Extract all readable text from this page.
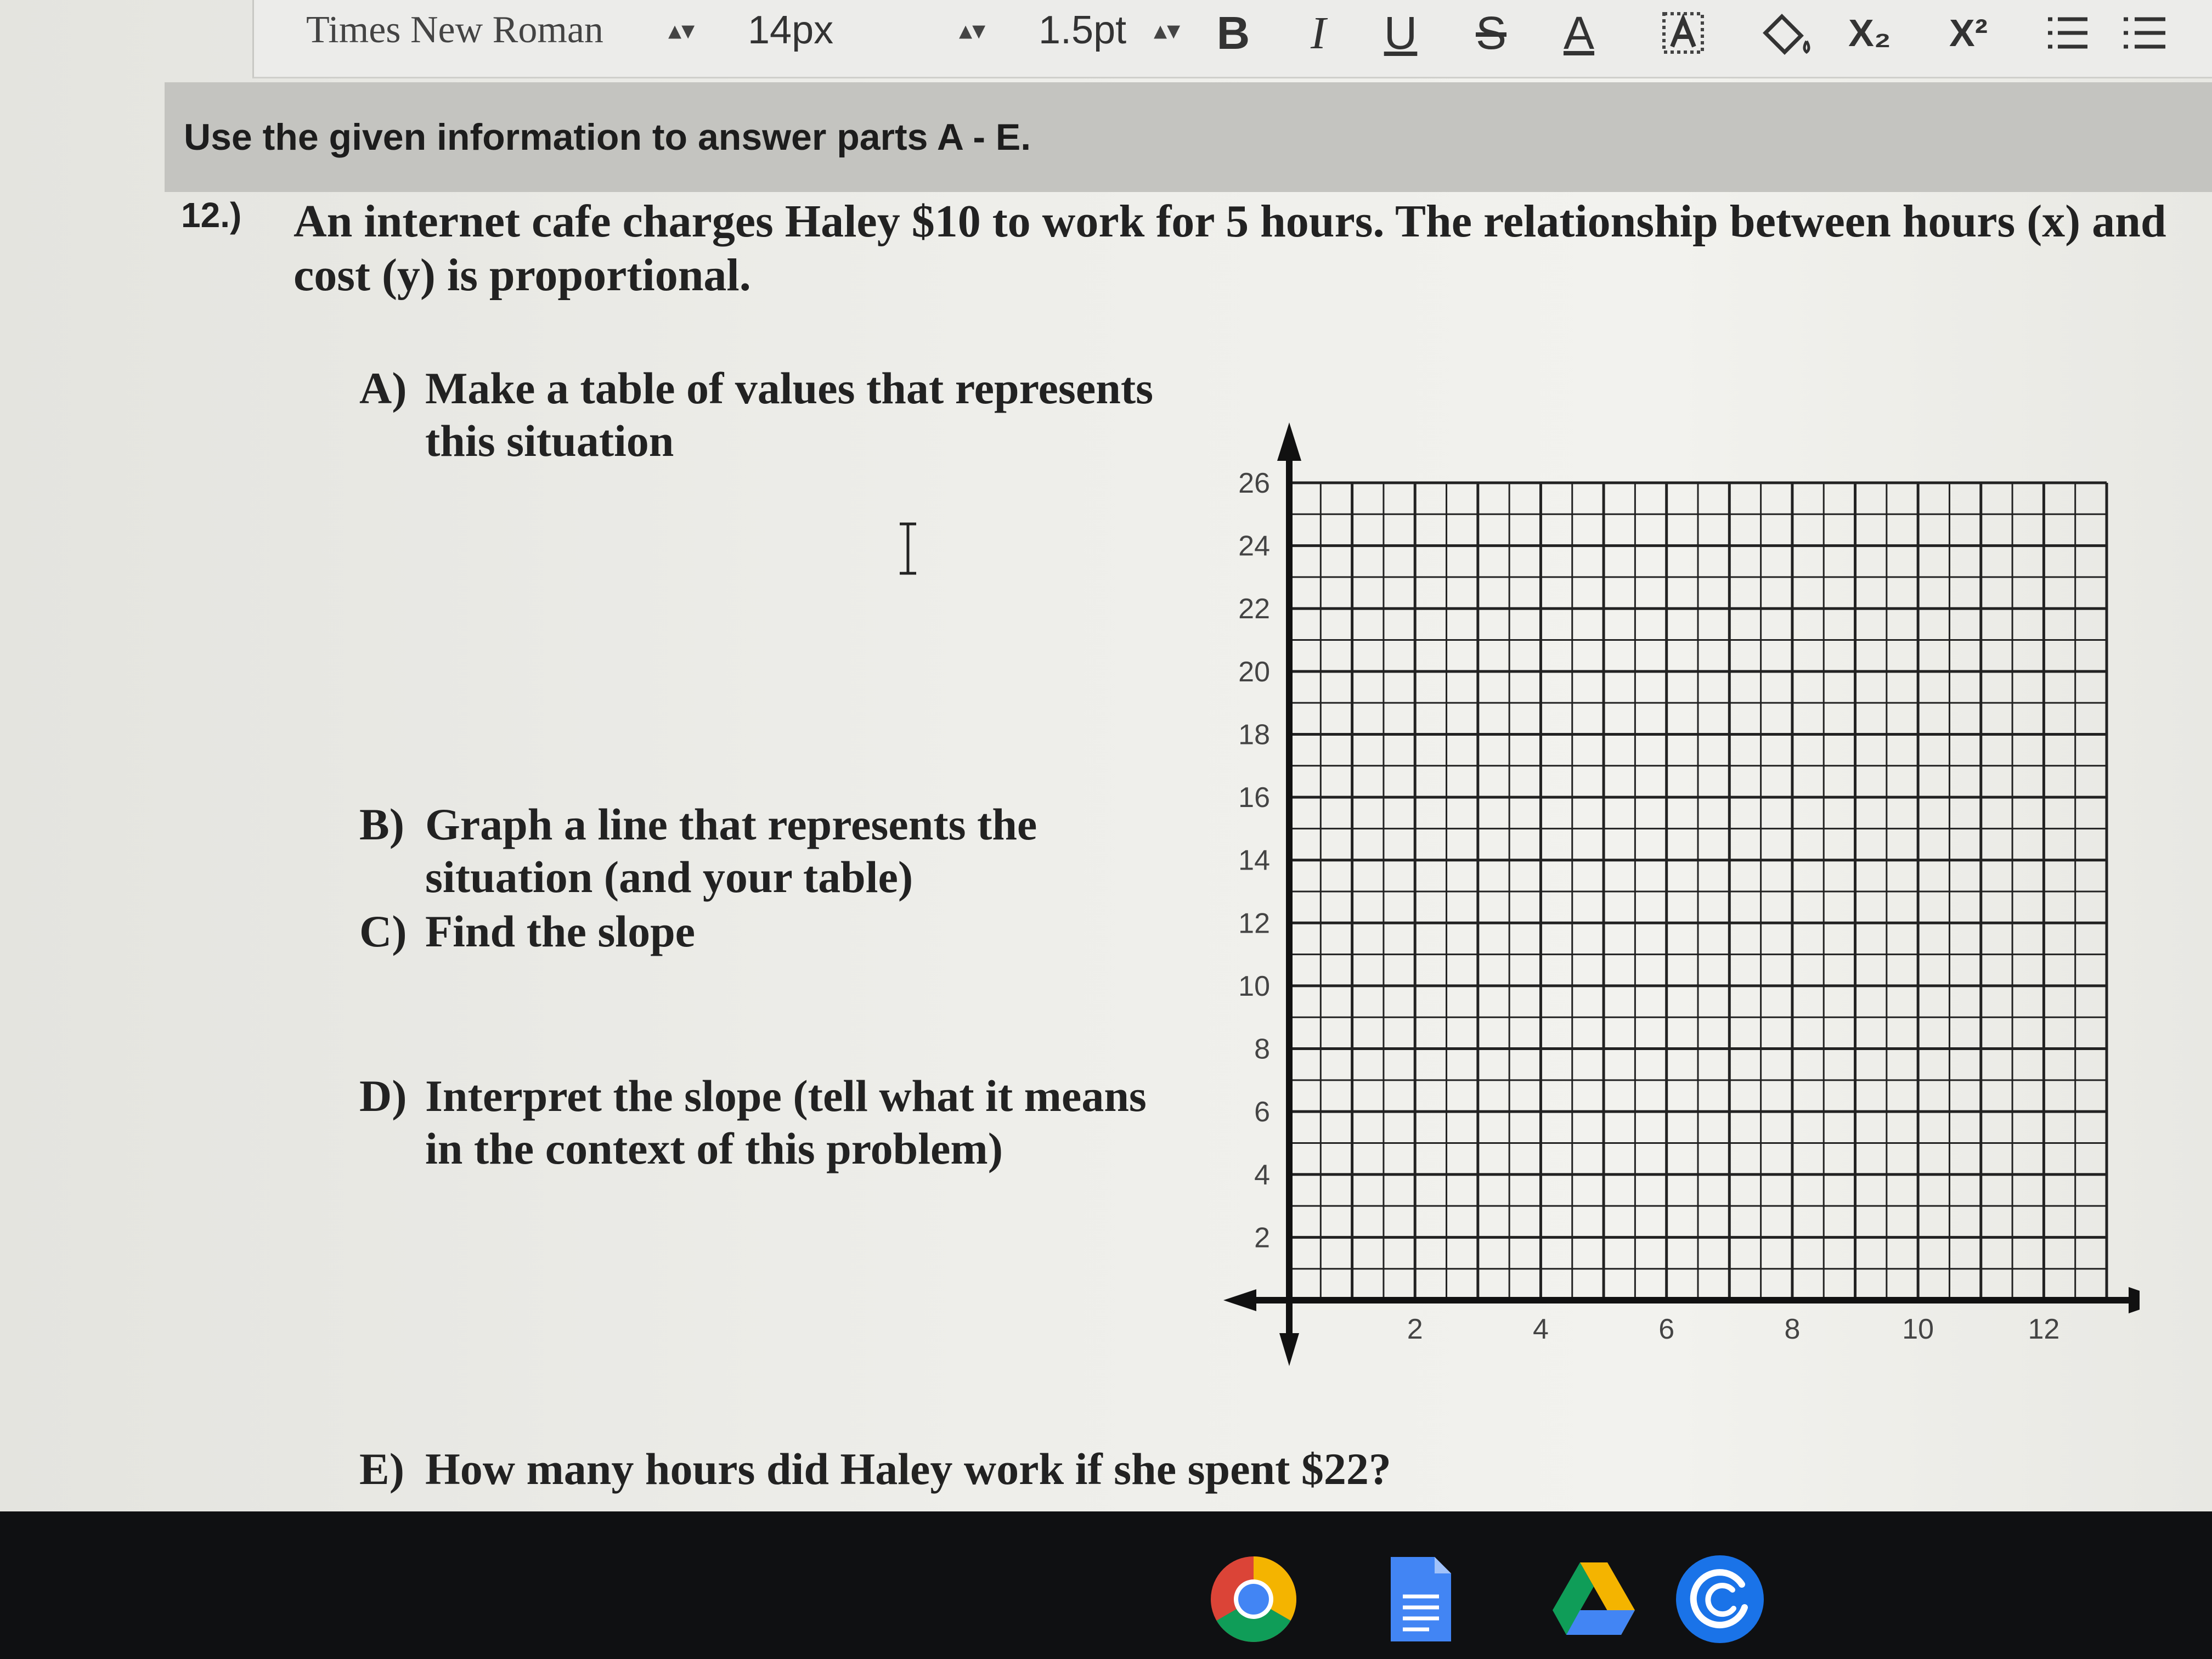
Times New Roman ▴▾ 14px	▴▾ 1.5pt ▴▾ B	I	U S A	X₂ X²
Use the given information to answer parts A - E.
12.) An internet cafe charges Haley $10 to work for 5 hours. The relationship between hours (x) and cost (y) is proportional.
A) Make a table of values that represents
this situation
B) Graph a line that represents the
situation (and your table)
C) Find the slope
D) Interpret the slope (tell what it means
in the context of this problem)
E) How many hours did Haley work if she spent $22?
2	4	6	8	10	12
2
4
6
8
10
12
14
16
18
20
22
24
26
